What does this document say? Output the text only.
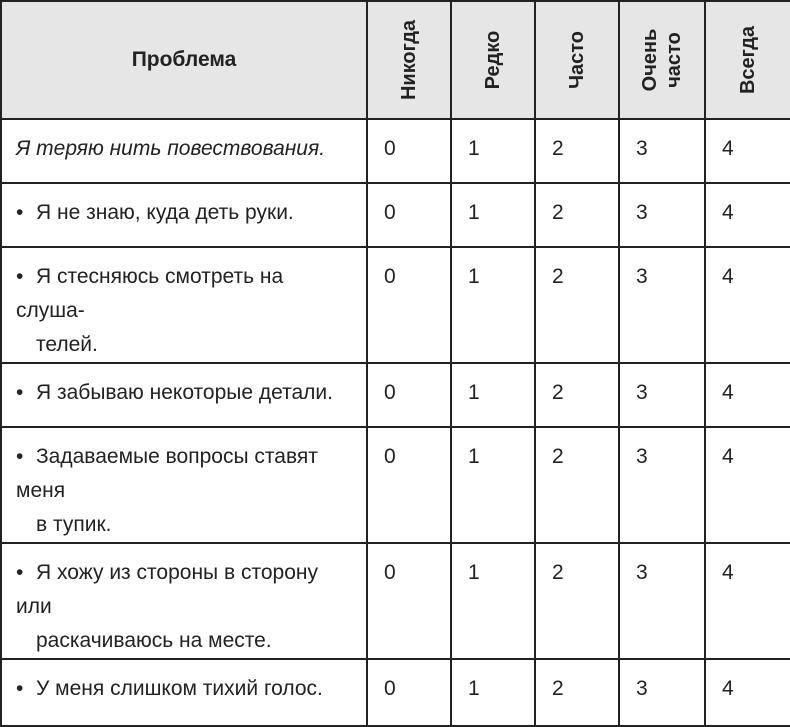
Проблема	Никогда	Редко	Часто	Очень часто	Всегда

Я теряю нить повествования.	0	1	2	3	4
• Я не знаю, куда деть руки.	0	1	2	3	4
• Я стесняюсь смотреть на слуша-
телей.	0	1	2	3	4
• Я забываю некоторые детали.	0	1	2	3	4
• Задаваемые вопросы ставят меня
в тупик.	0	1	2	3	4
• Я хожу из стороны в сторону или
раскачиваюсь на месте.	0	1	2	3	4
• У меня слишком тихий голос.	0	1	2	3	4
